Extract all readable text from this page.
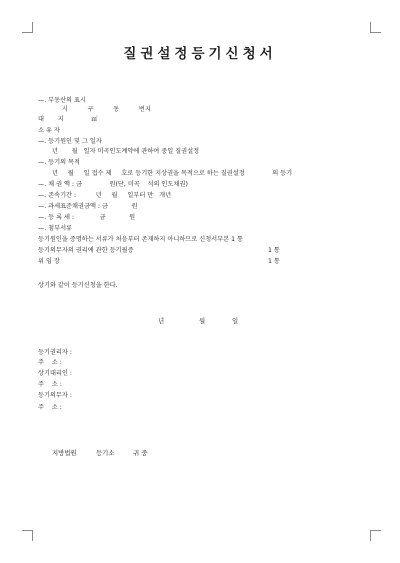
질권설정등기신청서
—. 부동산의 표시
시          구          동          번지
대       지              ㎡
소 유 자
—. 등기원인 및 그 일자
년       월   일자 미곡인도계약에 관하여 중일 질권설정
—. 등기의 목적
년     월     일 접수 제     호로 등기한 지상권을 목적으로 하는 질권설정              의 등기
—. 채 권 액 : 금              원(단, 미곡    석의 인도채권)
—. 존속기간 :          년     월     일부터 만   개년
—. 과세표준채권금액 : 금            원
—. 등 록 세 :             금            원
—. 첨부서류
등기원인을 증명하는 서류가 처음부터 존재하지 아니하므로 신청서부본 1 통
등기의무자의 권리에 관한 등기필증	1 통
위 임 장	1 통
상기와 같이 등기신청을 한다.
년	월	일
등기권리자 :
주    소 :
상기대리인 :
주    소 :
등기의무자 :
주    소 :
지방법원	등기소	귀 중
